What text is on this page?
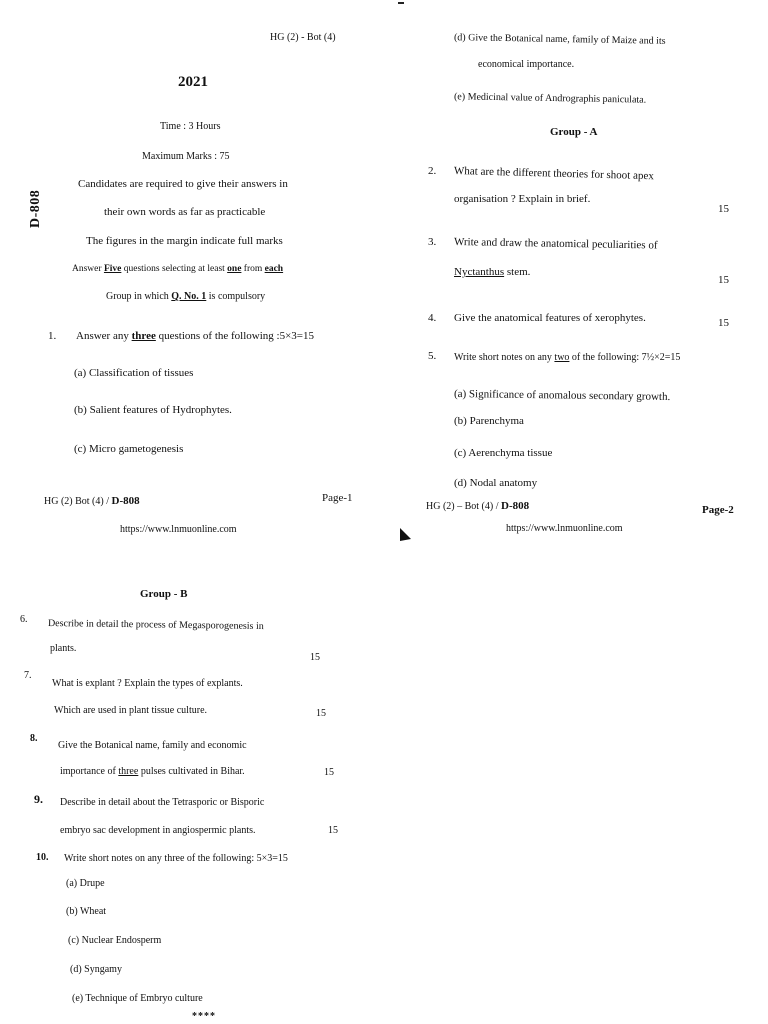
HG (2) - Bot (4)
2021
D-808
Time : 3 Hours
Maximum Marks : 75
Candidates are required to give their answers in
their own words as far as practicable
The figures in the margin indicate full marks
Answer Five questions selecting at least one from each
Group in which Q. No. 1 is compulsory
1. Answer any three questions of the following :5×3=15
(a) Classification of tissues
(b) Salient features of Hydrophytes.
(c) Micro gametogenesis
HG (2) Bot (4) / D-808	Page-1
https://www.lnmuonline.com
(d) Give the Botanical name, family of Maize and its
economical importance.
(e) Medicinal value of Andrographis paniculata.
Group - A
2. What are the different theories for shoot apex
organisation ? Explain in brief.
15
3. Write and draw the anatomical peculiarities of
Nyctanthus stem.
15
4. Give the anatomical features of xerophytes.	15
5. Write short notes on any two of the following: 7½×2=15
(a) Significance of anomalous secondary growth.
(b) Parenchyma
(c) Aerenchyma tissue
(d) Nodal anatomy
HG (2) – Bot (4) / D-808	Page-2
https://www.lnmuonline.com
Group - B
6. Describe in detail the process of Megasporogenesis in
plants.
15
7.
What is explant ? Explain the types of explants.
Which are used in plant tissue culture.	15
8.
Give the Botanical name, family and economic
importance of three pulses cultivated in Bihar.	15
9. Describe in detail about the Tetrasporic or Bisporic
embryo sac development in angiospermic plants.	15
10. Write short notes on any three of the following: 5×3=15
(a) Drupe
(b) Wheat
(c) Nuclear Endosperm
(d) Syngamy
(e) Technique of Embryo culture
****
